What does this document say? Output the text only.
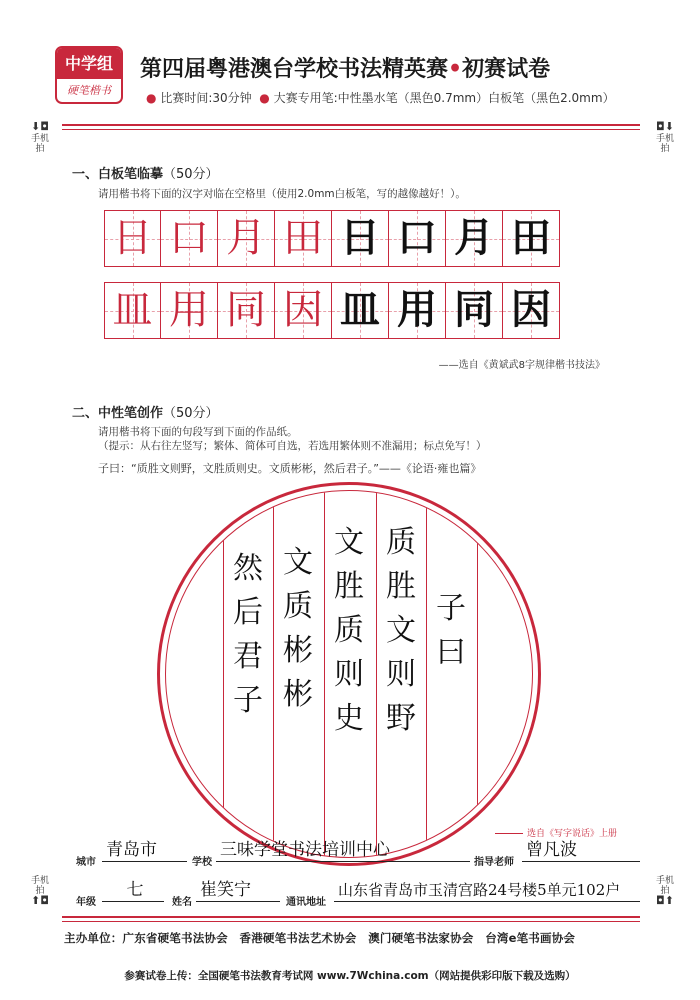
中学组
硬笔楷书
第四届粤港澳台学校书法精英赛•初赛试卷
● 比赛时间:30分钟 ● 大赛专用笔:中性墨水笔（黑色0.7mm）白板笔（黑色2.0mm）
⬇◘
手机拍
◘⬇
手机拍
手机拍
⬆◘
手机拍
◘⬆
一、白板笔临摹（50分）
请用楷书将下面的汉字对临在空格里（使用2.0mm白板笔，写的越像越好！）。
日 口 月 田 日 口 月 田
皿 用 同 因 皿 用 同 因
——选自《黄斌武8字规律楷书技法》
二、中性笔创作（50分）
请用楷书将下面的句段写到下面的作品纸。
（提示：从右往左竖写；繁体、简体可自选，若选用繁体则不准漏用；标点免写！）
子曰：“质胜文则野，文胜质则史。文质彬彬，然后君子。”——《论语·雍也篇》
子
曰
质
胜
文
则
野
文
胜
质
则
史
文
质
彬
彬
然
后
君
子
选自《写字说话》上册
城市
青岛市
学校
三味学堂书法培训中心
指导老师
曾凡波
年级
七
姓名
崔笑宁
通讯地址
山东省青岛市玉清宫路24号楼5单元102户
主办单位：广东省硬笔书法协会　香港硬笔书法艺术协会　澳门硬笔书法家协会　台湾e笔书画协会
参赛试卷上传：全国硬笔书法教育考试网 www.7Wchina.com（网站提供彩印版下载及选购）
